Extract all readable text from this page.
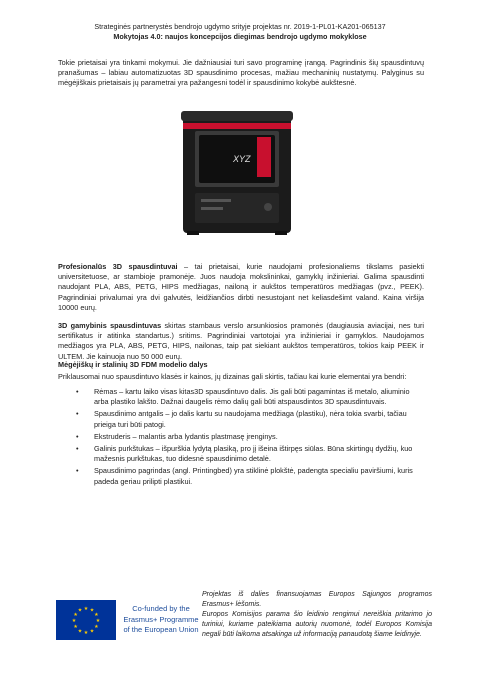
Strateginės partnerystės bendrojo ugdymo srityje projektas nr. 2019-1-PL01-KA201-065137
Mokytojas 4.0: naujos koncepcijos diegimas bendrojo ugdymo mokyklose

Tokie prietaisai yra tinkami mokymui. Jie dažniausiai turi savo programinę įrangą. Pagrindinis šių spausdintuvų pranašumas – labiau automatizuotas 3D spausdinimo procesas, mažiau mechaninių nustatymų. Palyginus su mėgėjiškais prietaisais jų parametrai yra pažangesni todėl ir spausdinimo kokybė aukštesnė.

XYZ

Profesionalūs 3D spausdintuvai – tai prietaisai, kurie naudojami profesionaliems tikslams pasiekti universitetuose, ar stambioje pramonėje. Juos naudoja mokslininkai, gamyklų inžinieriai. Galima spausdinti naudojant PLA, ABS, PETG, HIPS medžiagas, nailoną ir aukštos temperatūros medžiagas (pvz., PEEK). Pagrindiniai privalumai yra dvi galvutės, leidžiančios dirbti nesustojant net keliasdešimt valand. Kaina viršija 10000 eurų.

3D gamybinis spausdintuvas skirtas stambaus verslo arsunkiosios pramonės (daugiausia aviacijai, nes turi sertifikatus ir atitinka standartus.) sritims. Pagrindiniai vartotojai yra inžinieriai ir gamyklos. Naudojamos medžiagos yra PLA, ABS, PETG, HIPS, nailonas, taip pat siekiant aukštos temperatūros, tokios kaip PEEK ir ULTEM. Jie kainuoja nuo 50 000 eurų.

Mėgėjiškų ir stalinių 3D FDM modelio dalys

Priklausomai nuo spausdintuvo klasės ir kainos, jų dizainas gali skirtis, tačiau kai kurie elementai yra bendri:

• Rėmas – kartu laiko visas kitas3D spausdintuvo dalis. Jis gali būti pagamintas iš metalo, aliuminio arba plastiko lakšto. Dažnai daugelis rėmo dalių gali būti atspausdintos 3D spausdintuvais.
• Spausdinimo antgalis – jo dalis kartu su naudojama medžiaga (plastiku), nėra tokia svarbi, tačiau prieiga turi būti patogi.
• Ekstruderis – malantis arba lydantis plastmasę įrenginys.
• Galinis purkštukas – išpurškia lydytą plasiką, pro jį išeina ištirpęs siūlas. Būna skirtingų dydžių, kuo mažesnis purkštukas, tuo didesnė spausdinimo detalė.
• Spausdinimo pagrindas (angl. Printingbed) yra stiklinė plokštė, padengta specialiu paviršiumi, kuris padeda geriau prilipti plastikui.
★ ★
★
★
★
★
★
★
★
★
★
★	Co-funded by the
Erasmus+ Programme
of the European Union
Projektas iš dalies finansuojamas Europos Sąjungos programos Erasmus+ lėšomis.
Europos Komisijos parama šio leidinio rengimui nereiškia pritarimo jo turiniui, kuriame pateikiama autorių nuomonė, todėl Europos Komisija negali būti laikoma atsakinga už informaciją panaudotą šiame leidinyje.
